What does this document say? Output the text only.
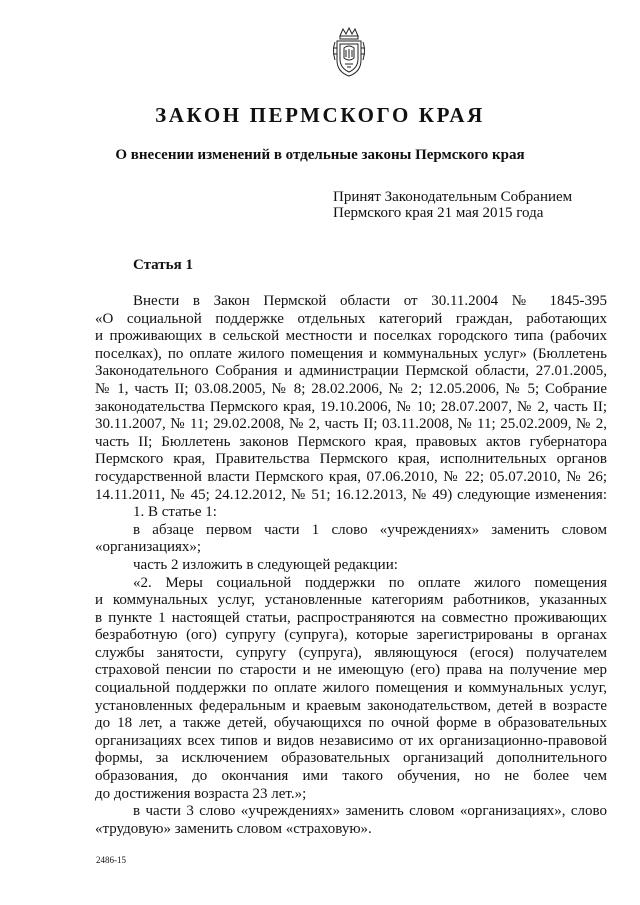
ЗАКОН ПЕРМСКОГО КРАЯ
О внесении изменений в отдельные законы Пермского края
Принят Законодательным Собранием
Пермского края 21 мая 2015 года
Статья 1
Внести в Закон Пермской области от 30.11.2004 № 1845-395
«О социальной поддержке отдельных категорий граждан, работающих
и проживающих в сельской местности и поселках городского типа (рабочих
поселках), по оплате жилого помещения и коммунальных услуг» (Бюллетень
Законодательного Собрания и администрации Пермской области, 27.01.2005,
№ 1, часть II; 03.08.2005, № 8; 28.02.2006, № 2; 12.05.2006, № 5; Собрание
законодательства Пермского края, 19.10.2006, № 10; 28.07.2007, № 2, часть II;
30.11.2007, № 11; 29.02.2008, № 2, часть II; 03.11.2008, № 11; 25.02.2009, № 2,
часть II; Бюллетень законов Пермского края, правовых актов губернатора
Пермского края, Правительства Пермского края, исполнительных органов
государственной власти Пермского края, 07.06.2010, № 22; 05.07.2010, № 26;
14.11.2011, № 45; 24.12.2012, № 51; 16.12.2013, № 49) следующие изменения:
1. В статье 1:
в абзаце первом части 1 слово «учреждениях» заменить словом
«организациях»;
часть 2 изложить в следующей редакции:
«2. Меры социальной поддержки по оплате жилого помещения
и коммунальных услуг, установленные категориям работников, указанных
в пункте 1 настоящей статьи, распространяются на совместно проживающих
безработную (ого) супругу (супруга), которые зарегистрированы в органах
службы занятости, супругу (супруга), являющуюся (егося) получателем
страховой пенсии по старости и не имеющую (его) права на получение мер
социальной поддержки по оплате жилого помещения и коммунальных услуг,
установленных федеральным и краевым законодательством, детей в возрасте
до 18 лет, а также детей, обучающихся по очной форме в образовательных
организациях всех типов и видов независимо от их организационно-правовой
формы, за исключением образовательных организаций дополнительного
образования, до окончания ими такого обучения, но не более чем
до достижения возраста 23 лет.»;
в части 3 слово «учреждениях» заменить словом «организациях», слово
«трудовую» заменить словом «страховую».
2486-15
